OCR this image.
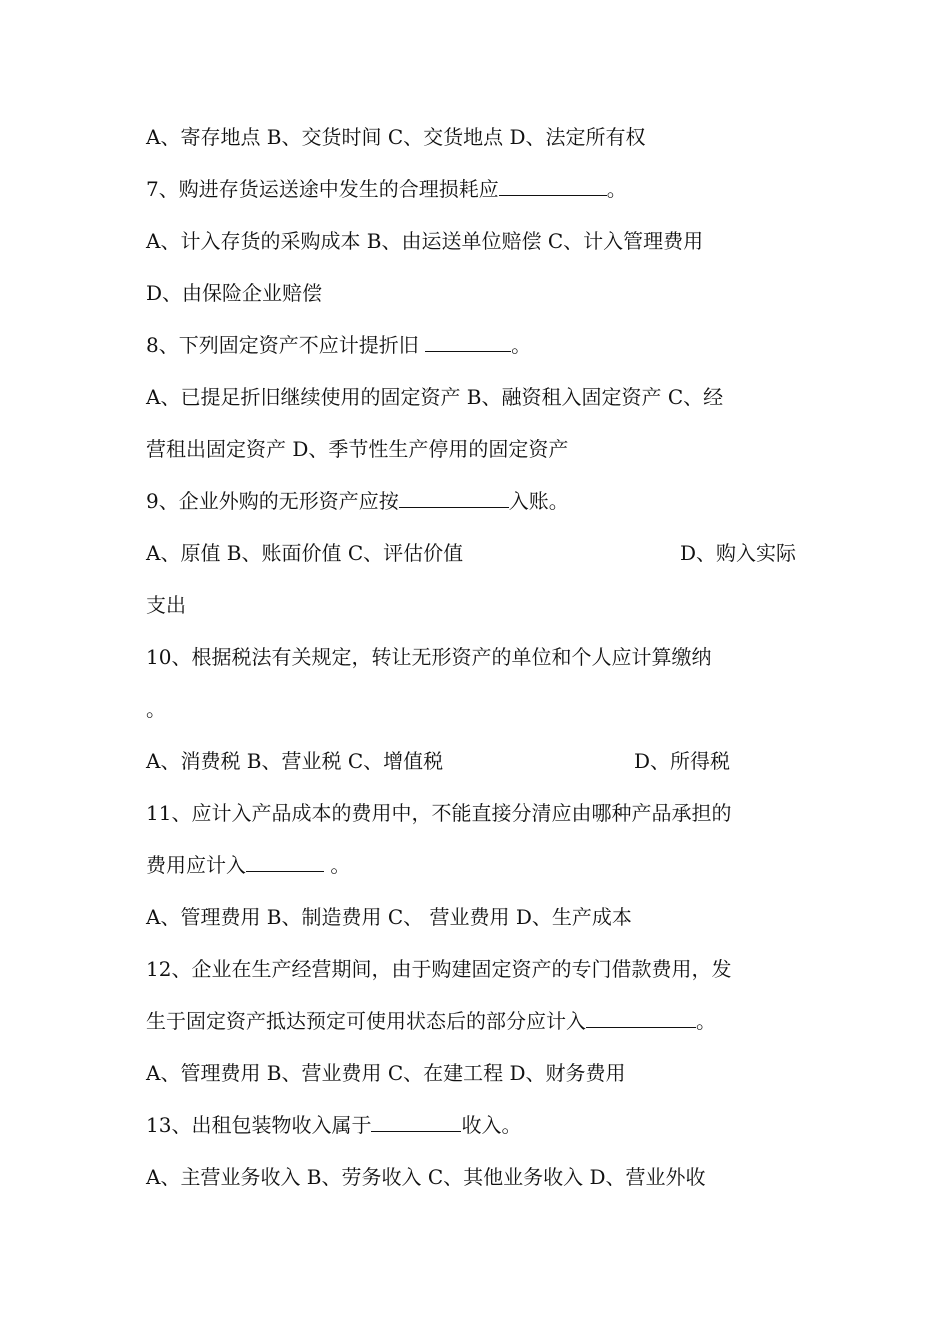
A、寄存地点 B、交货时间 C、交货地点 D、法定所有权
7、购进存货运送途中发生的合理损耗应	。
A、计入存货的采购成本 B、由运送单位赔偿 C、计入管理费用
D、由保险企业赔偿
8、下列固定资产不应计提折旧	。
A、已提足折旧继续使用的固定资产 B、融资租入固定资产 C、经
营租出固定资产 D、季节性生产停用的固定资产
9、企业外购的无形资产应按	入账。
A、原值 B、账面价值 C、评估价值	D、购入实际
支出
10、根据税法有关规定，转让无形资产的单位和个人应计算缴纳
。
A、消费税 B、营业税 C、增值税	D、所得税
11、应计入产品成本的费用中，不能直接分清应由哪种产品承担的
费用应计入	。
A、管理费用 B、制造费用 C、 营业费用 D、生产成本
12、企业在生产经营期间，由于购建固定资产的专门借款费用，发
生于固定资产抵达预定可使用状态后的部分应计入	。
A、管理费用 B、营业费用 C、在建工程 D、财务费用
13、出租包装物收入属于	收入。
A、主营业务收入 B、劳务收入 C、其他业务收入 D、营业外收
